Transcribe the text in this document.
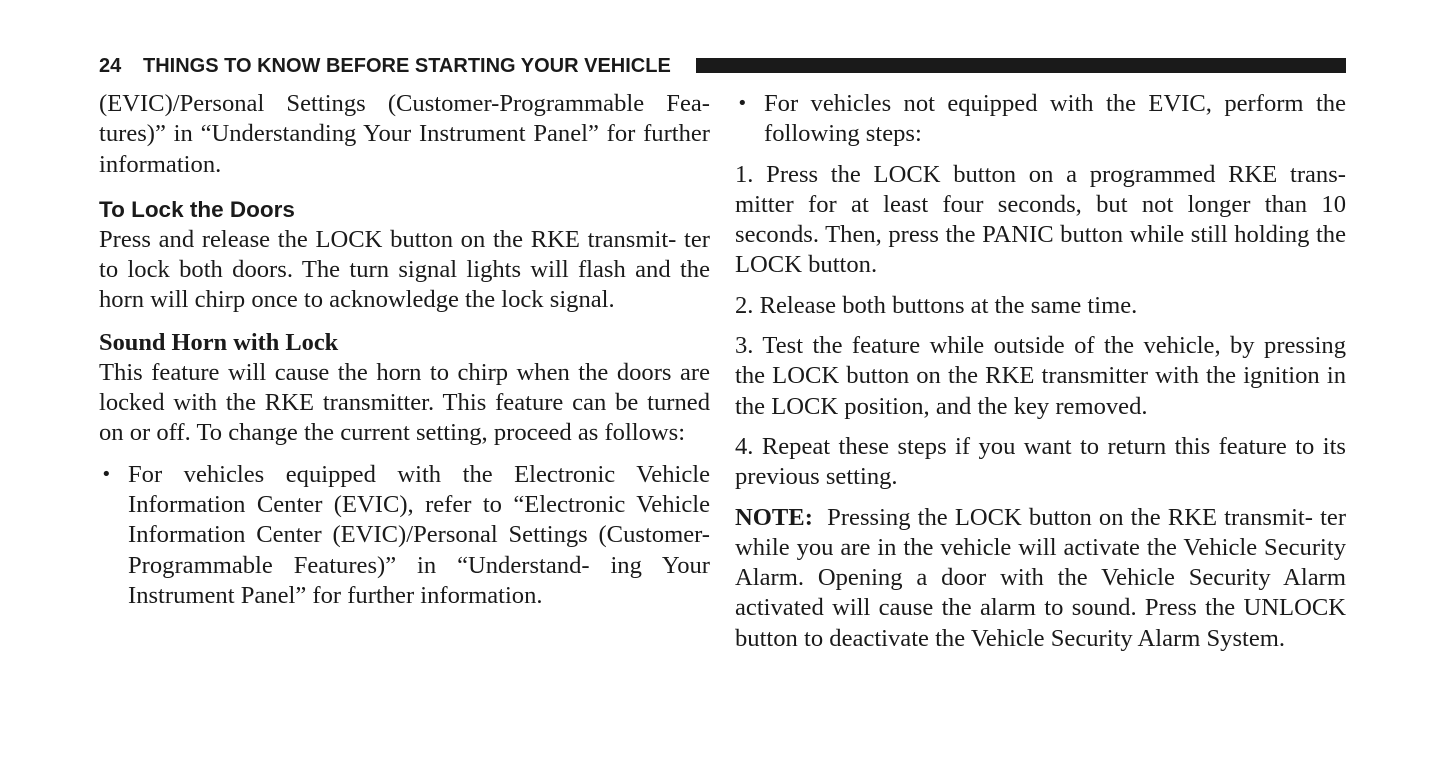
24 THINGS TO KNOW BEFORE STARTING YOUR VEHICLE

(EVIC)/Personal Settings (Customer-Programmable Fea- tures)” in “Understanding Your Instrument Panel” for further information.

To Lock the Doors

Press and release the LOCK button on the RKE transmit- ter to lock both doors. The turn signal lights will flash and the horn will chirp once to acknowledge the lock signal.

Sound Horn with Lock

This feature will cause the horn to chirp when the doors are locked with the RKE transmitter. This feature can be turned on or off. To change the current setting, proceed as follows:

• For vehicles equipped with the Electronic Vehicle Information Center (EVIC), refer to “Electronic Vehicle Information Center (EVIC)/Personal Settings (Customer-Programmable Features)” in “Understand- ing Your Instrument Panel” for further information.
• For vehicles not equipped with the EVIC, perform the following steps:
1. Press the LOCK button on a programmed RKE trans- mitter for at least four seconds, but not longer than 10 seconds. Then, press the PANIC button while still holding the LOCK button.
2. Release both buttons at the same time.
3. Test the feature while outside of the vehicle, by pressing the LOCK button on the RKE transmitter with the ignition in the LOCK position, and the key removed.
4. Repeat these steps if you want to return this feature to its previous setting.

NOTE: Pressing the LOCK button on the RKE transmit- ter while you are in the vehicle will activate the Vehicle Security Alarm. Opening a door with the Vehicle Security Alarm activated will cause the alarm to sound. Press the UNLOCK button to deactivate the Vehicle Security Alarm System.
